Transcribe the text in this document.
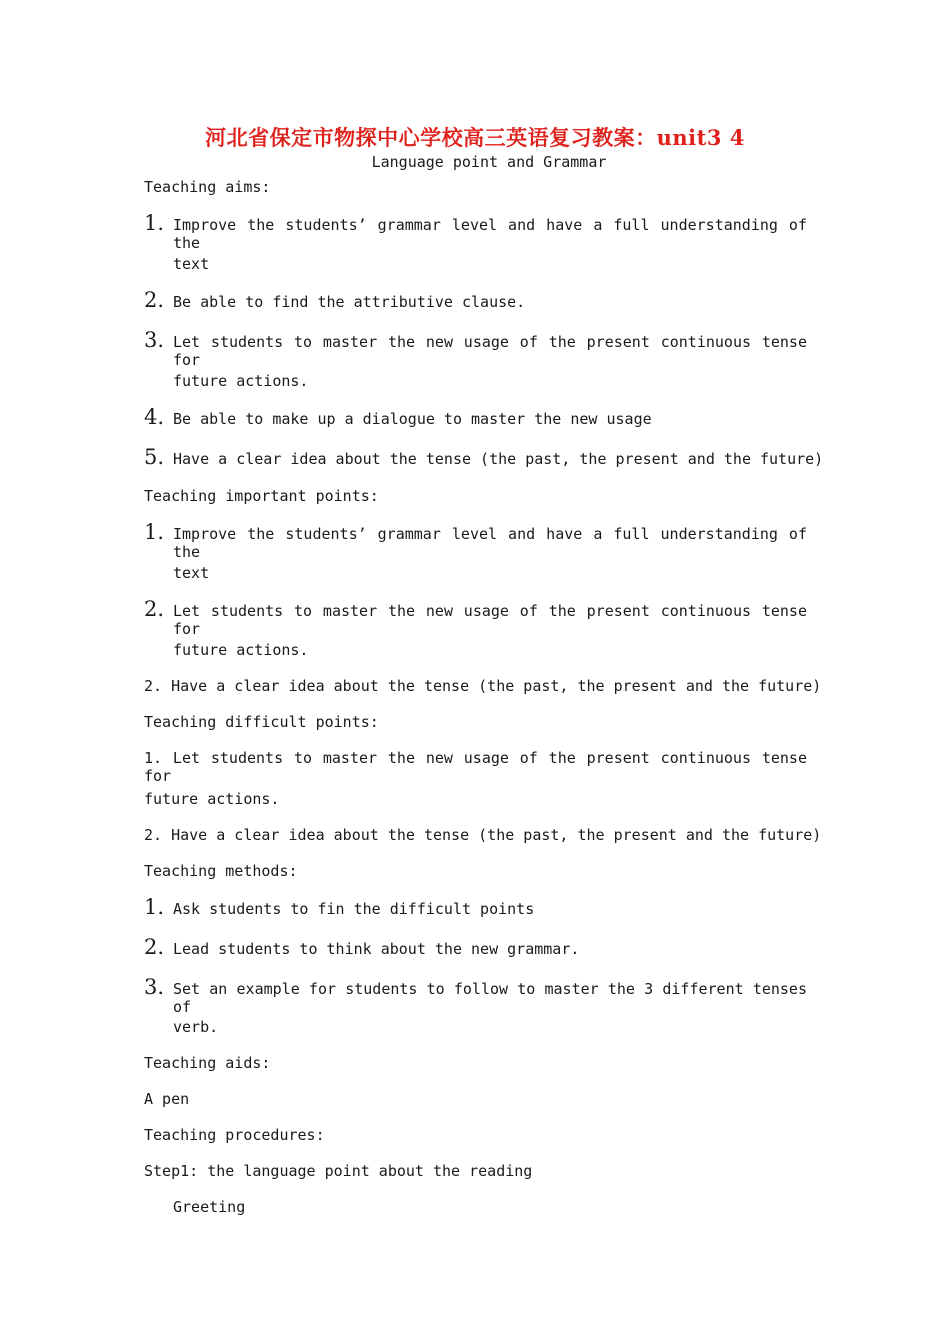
河北省保定市物探中心学校高三英语复习教案：unit3 4
Language point and Grammar
Teaching aims:
1. Improve the students’ grammar level and have a full understanding of the
text
2. Be able to find the attributive clause.
3. Let students to master the new usage of the present continuous tense for
future actions.
4. Be able to make up a dialogue to master the new usage
5. Have a clear idea about the tense (the past, the present and the future)
Teaching important points:
1. Improve the students’ grammar level and have a full understanding of the
text
2. Let students to master the new usage of the present continuous tense for
future actions.
2. Have a clear idea about the tense (the past, the present and the future)
Teaching difficult points:
1. Let students to master the new usage of the present continuous tense for
future actions.
2. Have a clear idea about the tense (the past, the present and the future)
Teaching methods:
1. Ask students to fin the difficult points
2. Lead students to think about the new grammar.
3. Set an example for students to follow to master the 3 different tenses of
verb.
Teaching aids:
A pen
Teaching procedures:
Step1: the language point about the reading
Greeting
